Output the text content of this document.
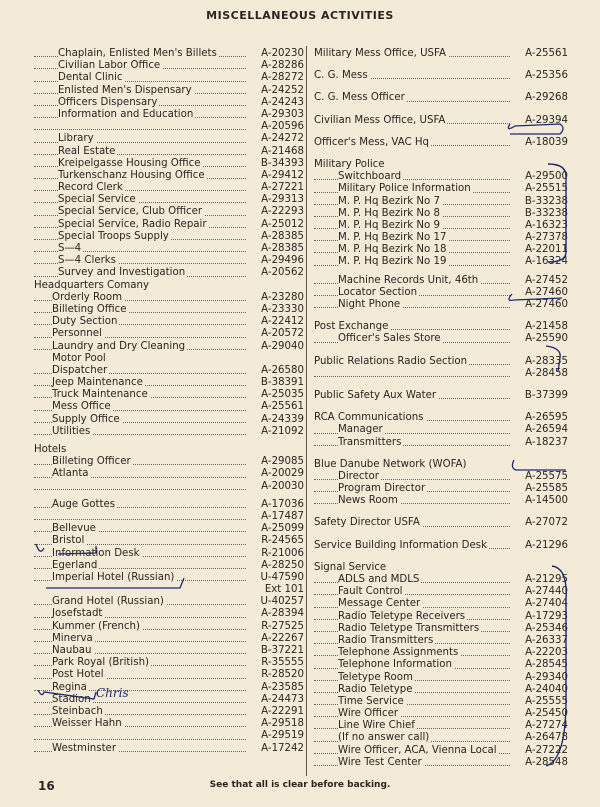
MISCELLANEOUS ACTIVITIES
Chaplain, Enlisted Men's Billets	A-20230
Civilian Labor Office	A-28286
Dental Clinic	A-28272
Enlisted Men's Dispensary	A-24252
Officers Dispensary	A-24243
Information and Education	A-29303
A-20596
Library	A-24272
Real Estate	A-21468
Kreipelgasse Housing Office	B-34393
Turkenschanz Housing Office	A-29412
Record Clerk	A-27221
Special Service	A-29313
Special Service, Club Officer	A-22293
Special Service, Radio Repair	A-25012
Special Troops Supply	A-28385
S—4	A-28385
S—4 Clerks	A-29496
Survey and Investigation	A-20562
Headquarters Comany
Orderly Room	A-23280
Billeting Office	A-23330
Duty Section	A-22412
Personnel	A-20572
Laundry and Dry Cleaning	A-29040
Motor Pool
Dispatcher	A-26580
Jeep Maintenance	B-38391
Truck Maintenance	A-25035
Mess Office	A-25561
Supply Office	A-24339
Utilities	A-21092
Hotels
Billeting Officer	A-29085
Atlanta	A-20029
A-20030
Auge Gottes	A-17036
A-17487
Bellevue	A-25099
Bristol	R-24565
Information Desk	R-21006
Egerland	A-28250
Imperial Hotel (Russian)	U-47590
Ext 101
Grand Hotel (Russian)	U-40257
Josefstadt	A-28394
Kummer (French)	R-27525
Minerva	A-22267
Naubau	B-37221
Park Royal (British)	R-35555
Post Hotel	R-28520
Regina	A-23585
Stadion	A-24473
Steinbach	A-22291
Weisser Hahn	A-29518
A-29519
Westminster	A-17242
Military Mess Office, USFA	A-25561
C. G. Mess	A-25356
C. G. Mess Officer	A-29268
Civilian Mess Office, USFA	A-29394
Officer's Mess, VAC Hq	A-18039
Military Police
Switchboard	A-29500
Military Police Information	A-25515
M. P. Hq Bezirk No 7	B-33238
M. P. Hq Bezirk No 8	B-33238
M. P. Hq Bezirk No 9	A-16323
M. P. Hq Bezirk No 17	A-27378
M. P. Hq Bezirk No 18	A-22011
M. P. Hq Bezirk No 19	A-16324
Machine Records Unit, 46th	A-27452
Locator Section	A-27460
Night Phone	A-27460
Post Exchange	A-21458
Officer's Sales Store	A-25590
Public Relations Radio Section	A-28335
A-28458
Public Safety Aux Water	B-37399
RCA Communications	A-26595
Manager	A-26594
Transmitters	A-18237
Blue Danube Network (WOFA)
Director	A-25575
Program Director	A-25585
News Room	A-14500
Safety Director USFA	A-27072
Service Building Information Desk	A-21296
Signal Service
ADLS and MDLS	A-21295
Fault Control	A-27440
Message Center	A-27404
Radio Teletype Receivers	A-17293
Radio Teletype Transmitters	A-25346
Radio Transmitters	A-26337
Telephone Assignments	A-22203
Telephone Information	A-28545
Teletype Room	A-29340
Radio Teletype	A-24040
Time Service	A-25555
Wire Officer	A-25450
Line Wire Chief	A-27274
(If no answer call)	A-26478
Wire Officer, ACA, Vienna Local	A-27222
Wire Test Center	A-28548
16	See that all is clear before backing.
Chris
